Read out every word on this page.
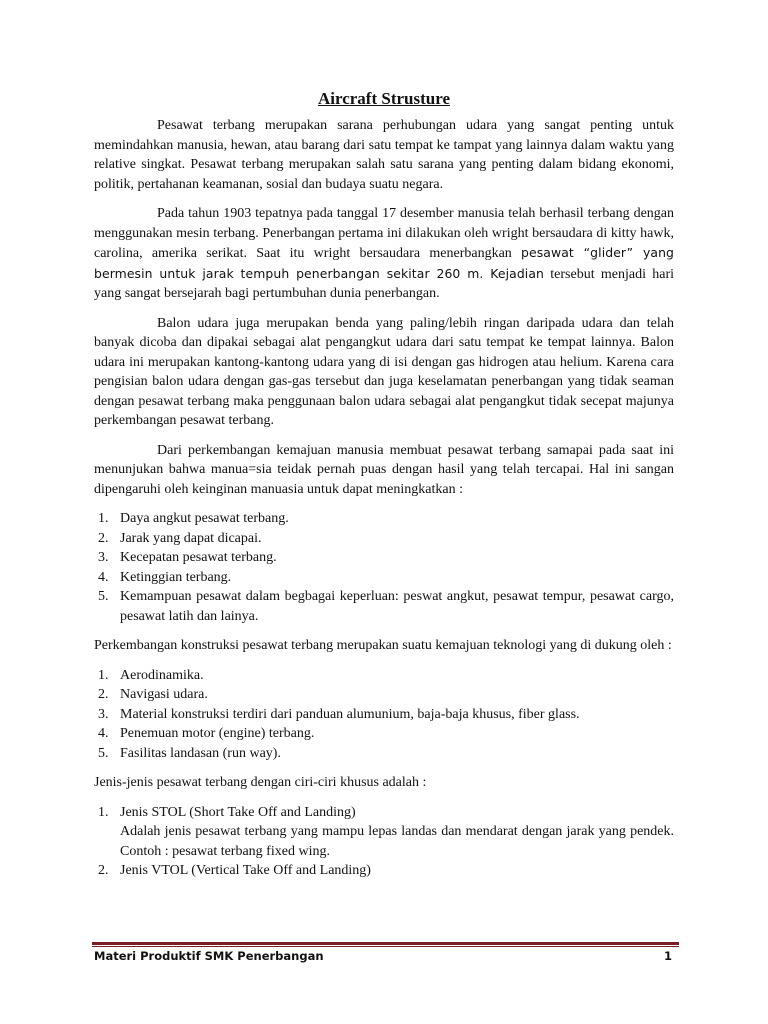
Aircraft Strusture

Pesawat terbang merupakan sarana perhubungan udara yang sangat penting untuk memindahkan manusia, hewan, atau barang dari satu tempat ke tampat yang lainnya dalam waktu yang relative singkat. Pesawat terbang merupakan salah satu sarana yang penting dalam bidang ekonomi, politik, pertahanan keamanan, sosial dan budaya suatu negara.

Pada tahun 1903 tepatnya pada tanggal 17 desember manusia telah berhasil terbang dengan menggunakan mesin terbang. Penerbangan pertama ini dilakukan oleh wright bersaudara di kitty hawk, carolina, amerika serikat. Saat itu wright bersaudara menerbangkan pesawat “glider” yang bermesin untuk jarak tempuh penerbangan sekitar 260 m. Kejadian tersebut menjadi hari yang sangat bersejarah bagi pertumbuhan dunia penerbangan.

Balon udara juga merupakan benda yang paling/lebih ringan daripada udara dan telah banyak dicoba dan dipakai sebagai alat pengangkut udara dari satu tempat ke tempat lainnya. Balon udara ini merupakan kantong-kantong udara yang di isi dengan gas hidrogen atau helium. Karena cara pengisian balon udara dengan gas-gas tersebut dan juga keselamatan penerbangan yang tidak seaman dengan pesawat terbang maka penggunaan balon udara sebagai alat pengangkut tidak secepat majunya perkembangan pesawat terbang.

Dari perkembangan kemajuan manusia membuat pesawat terbang samapai pada saat ini menunjukan bahwa manua=sia teidak pernah puas dengan hasil yang telah tercapai. Hal ini sangan dipengaruhi oleh keinginan manuasia untuk dapat meningkatkan :

1. Daya angkut pesawat terbang.
2. Jarak yang dapat dicapai.
3. Kecepatan pesawat terbang.
4. Ketinggian terbang.
5. Kemampuan pesawat dalam begbagai keperluan: peswat angkut, pesawat tempur, pesawat cargo, pesawat latih dan lainya.

Perkembangan konstruksi pesawat terbang merupakan suatu kemajuan teknologi yang di dukung oleh :

1. Aerodinamika.
2. Navigasi udara.
3. Material konstruksi terdiri dari panduan alumunium, baja-baja khusus, fiber glass.
4. Penemuan motor (engine) terbang.
5. Fasilitas landasan (run way).

Jenis-jenis pesawat terbang dengan ciri-ciri khusus adalah :

1. Jenis STOL (Short Take Off and Landing)
Adalah jenis pesawat terbang yang mampu lepas landas dan mendarat dengan jarak yang pendek. Contoh : pesawat terbang fixed wing.
2. Jenis VTOL (Vertical Take Off and Landing)
Materi Produktif SMK Penerbangan	1
